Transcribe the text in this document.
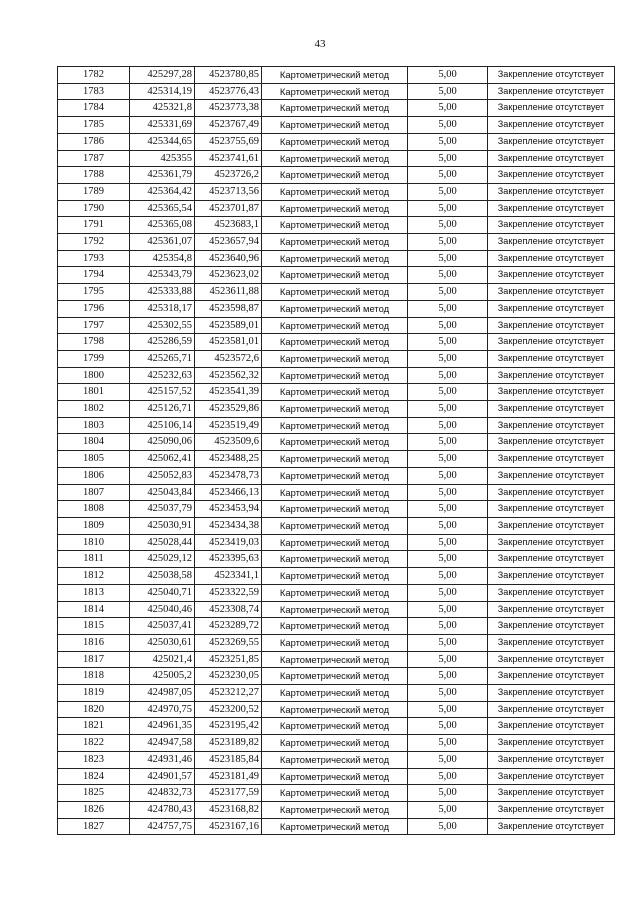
43
1782	425297,28	4523780,85	Картометрический метод	5,00	Закрепление отсутствует
1783	425314,19	4523776,43	Картометрический метод	5,00	Закрепление отсутствует
1784	425321,8	4523773,38	Картометрический метод	5,00	Закрепление отсутствует
1785	425331,69	4523767,49	Картометрический метод	5,00	Закрепление отсутствует
1786	425344,65	4523755,69	Картометрический метод	5,00	Закрепление отсутствует
1787	425355	4523741,61	Картометрический метод	5,00	Закрепление отсутствует
1788	425361,79	4523726,2	Картометрический метод	5,00	Закрепление отсутствует
1789	425364,42	4523713,56	Картометрический метод	5,00	Закрепление отсутствует
1790	425365,54	4523701,87	Картометрический метод	5,00	Закрепление отсутствует
1791	425365,08	4523683,1	Картометрический метод	5,00	Закрепление отсутствует
1792	425361,07	4523657,94	Картометрический метод	5,00	Закрепление отсутствует
1793	425354,8	4523640,96	Картометрический метод	5,00	Закрепление отсутствует
1794	425343,79	4523623,02	Картометрический метод	5,00	Закрепление отсутствует
1795	425333,88	4523611,88	Картометрический метод	5,00	Закрепление отсутствует
1796	425318,17	4523598,87	Картометрический метод	5,00	Закрепление отсутствует
1797	425302,55	4523589,01	Картометрический метод	5,00	Закрепление отсутствует
1798	425286,59	4523581,01	Картометрический метод	5,00	Закрепление отсутствует
1799	425265,71	4523572,6	Картометрический метод	5,00	Закрепление отсутствует
1800	425232,63	4523562,32	Картометрический метод	5,00	Закрепление отсутствует
1801	425157,52	4523541,39	Картометрический метод	5,00	Закрепление отсутствует
1802	425126,71	4523529,86	Картометрический метод	5,00	Закрепление отсутствует
1803	425106,14	4523519,49	Картометрический метод	5,00	Закрепление отсутствует
1804	425090,06	4523509,6	Картометрический метод	5,00	Закрепление отсутствует
1805	425062,41	4523488,25	Картометрический метод	5,00	Закрепление отсутствует
1806	425052,83	4523478,73	Картометрический метод	5,00	Закрепление отсутствует
1807	425043,84	4523466,13	Картометрический метод	5,00	Закрепление отсутствует
1808	425037,79	4523453,94	Картометрический метод	5,00	Закрепление отсутствует
1809	425030,91	4523434,38	Картометрический метод	5,00	Закрепление отсутствует
1810	425028,44	4523419,03	Картометрический метод	5,00	Закрепление отсутствует
1811	425029,12	4523395,63	Картометрический метод	5,00	Закрепление отсутствует
1812	425038,58	4523341,1	Картометрический метод	5,00	Закрепление отсутствует
1813	425040,71	4523322,59	Картометрический метод	5,00	Закрепление отсутствует
1814	425040,46	4523308,74	Картометрический метод	5,00	Закрепление отсутствует
1815	425037,41	4523289,72	Картометрический метод	5,00	Закрепление отсутствует
1816	425030,61	4523269,55	Картометрический метод	5,00	Закрепление отсутствует
1817	425021,4	4523251,85	Картометрический метод	5,00	Закрепление отсутствует
1818	425005,2	4523230,05	Картометрический метод	5,00	Закрепление отсутствует
1819	424987,05	4523212,27	Картометрический метод	5,00	Закрепление отсутствует
1820	424970,75	4523200,52	Картометрический метод	5,00	Закрепление отсутствует
1821	424961,35	4523195,42	Картометрический метод	5,00	Закрепление отсутствует
1822	424947,58	4523189,82	Картометрический метод	5,00	Закрепление отсутствует
1823	424931,46	4523185,84	Картометрический метод	5,00	Закрепление отсутствует
1824	424901,57	4523181,49	Картометрический метод	5,00	Закрепление отсутствует
1825	424832,73	4523177,59	Картометрический метод	5,00	Закрепление отсутствует
1826	424780,43	4523168,82	Картометрический метод	5,00	Закрепление отсутствует
1827	424757,75	4523167,16	Картометрический метод	5,00	Закрепление отсутствует
